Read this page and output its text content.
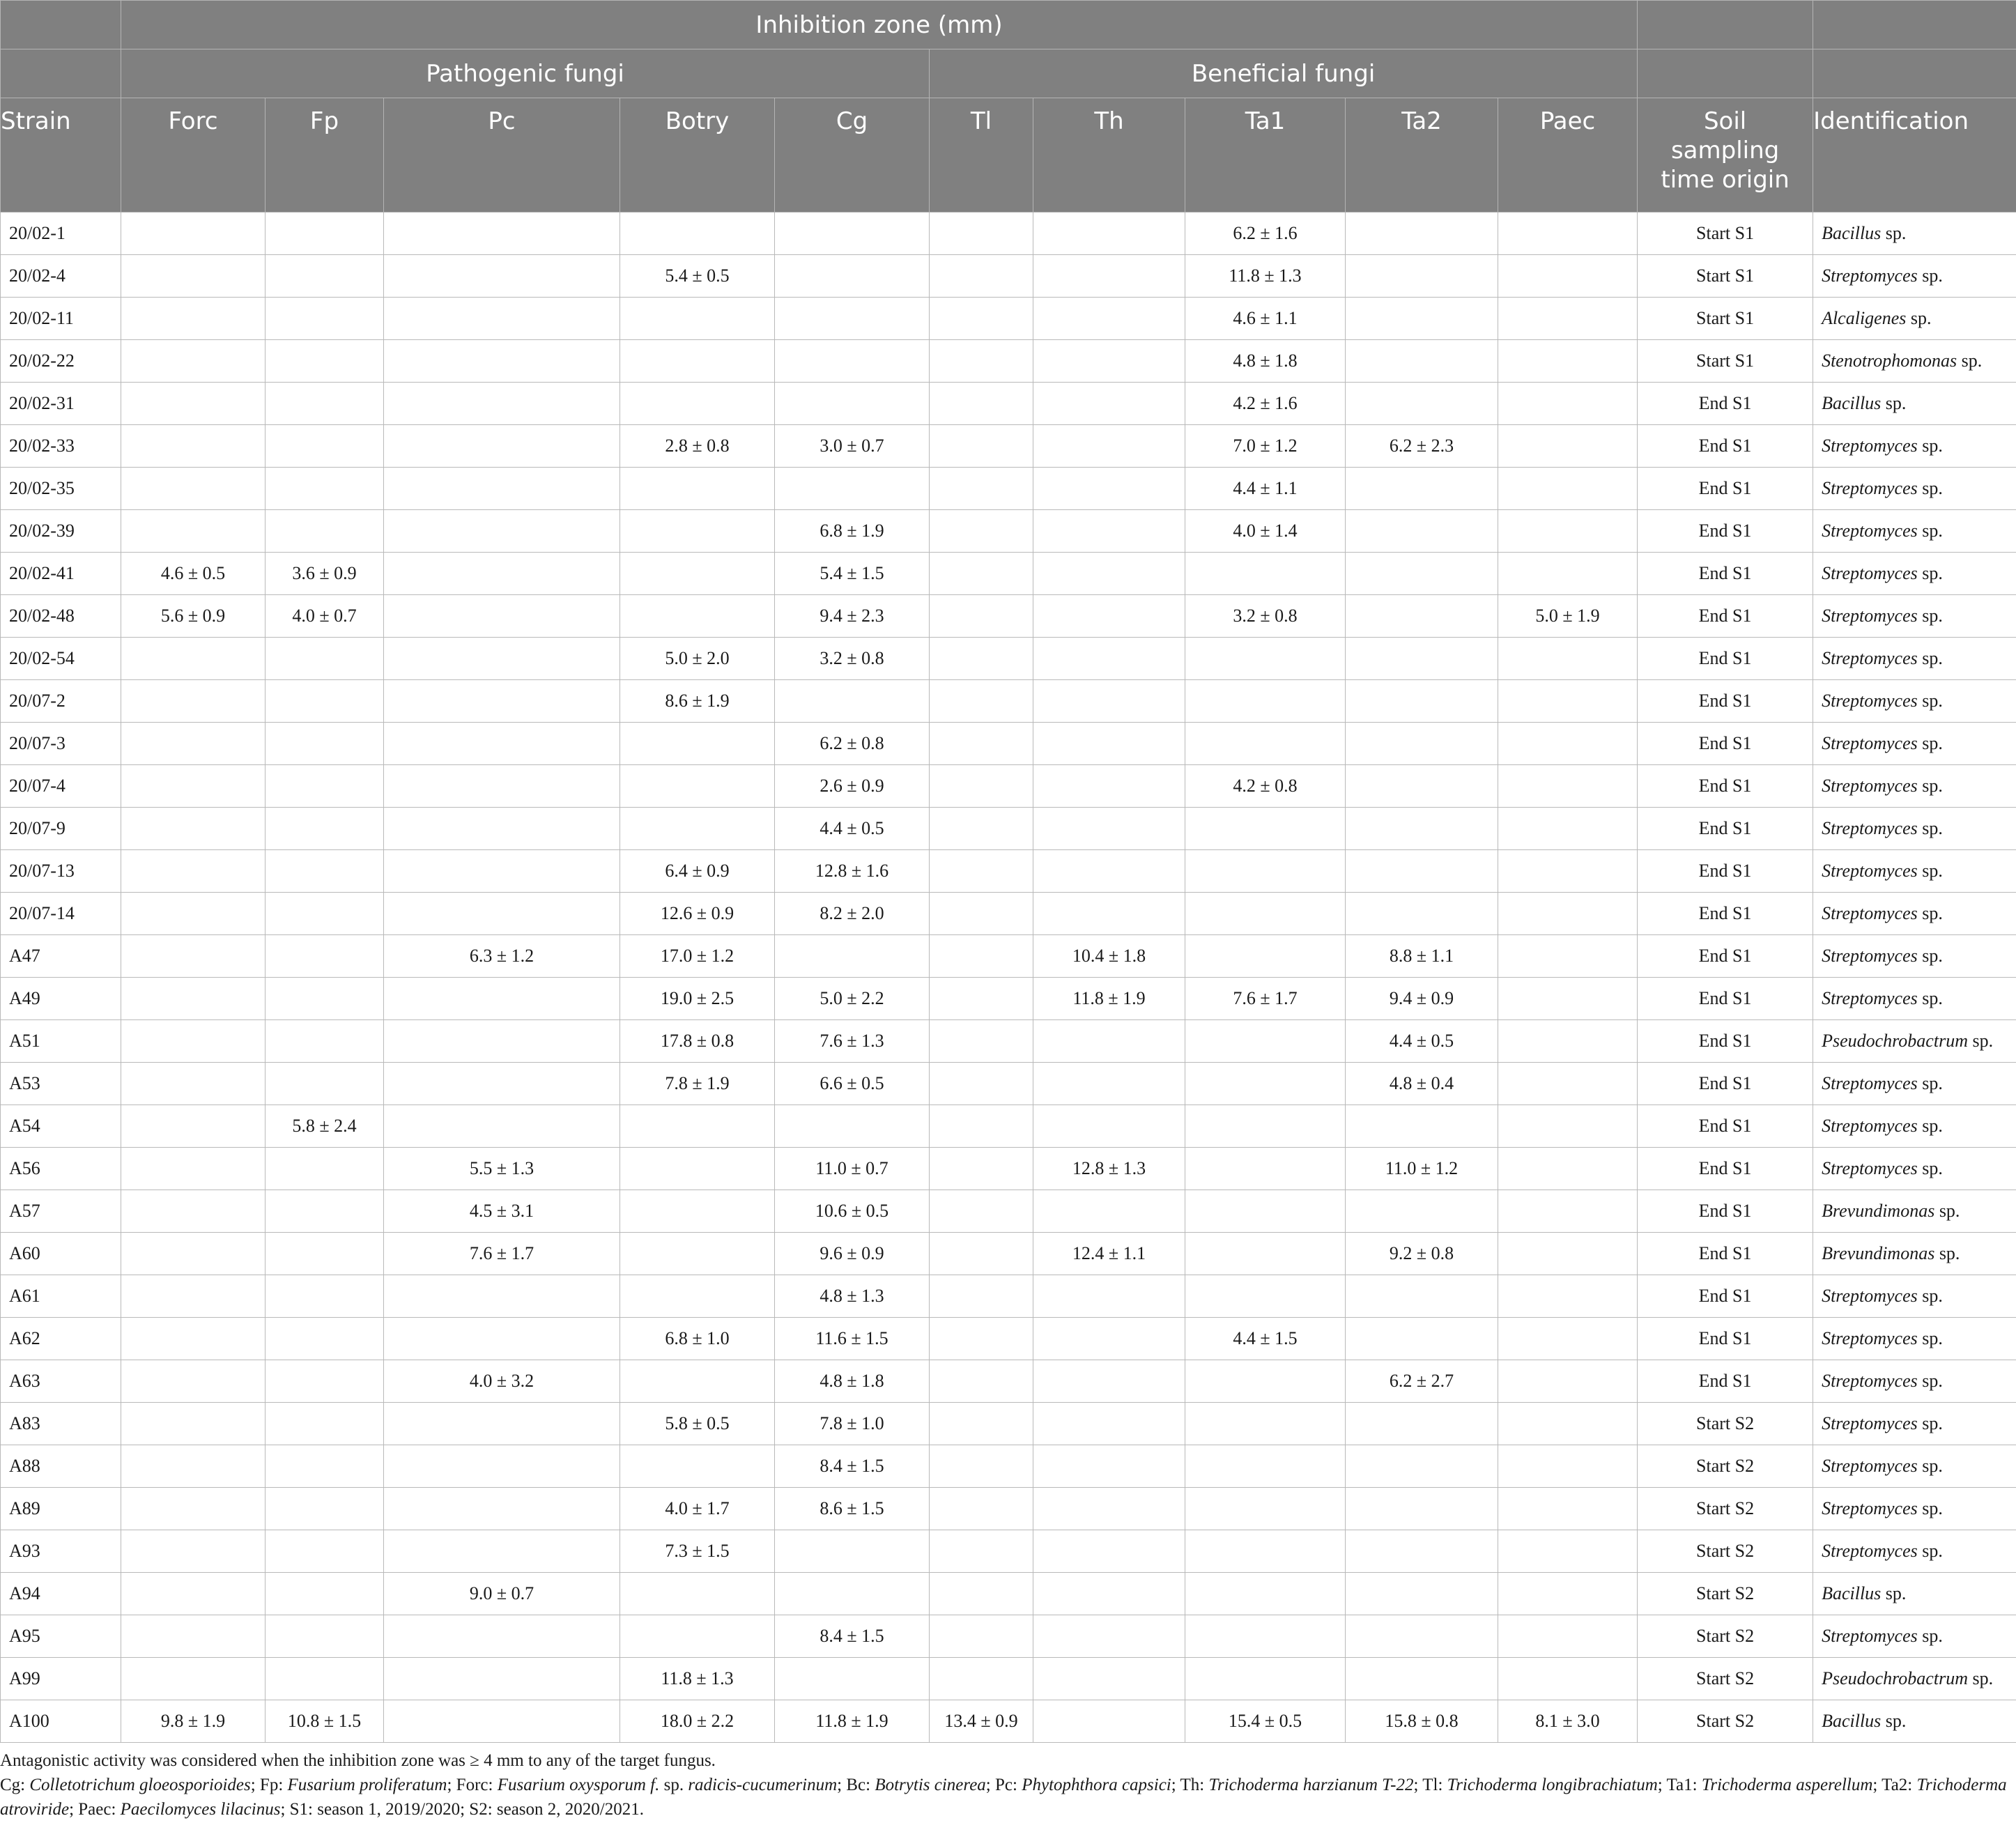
	Inhibition zone (mm)											
	Pathogenic fungi					Beneficial fungi						
Strain	Forc	Fp	Pc	Botry	Cg	Tl	Th	Ta1	Ta2	Paec	Soil sampling time origin	Identification
20/02-1								6.2 ± 1.6			Start S1	Bacillus sp.
20/02-4				5.4 ± 0.5				11.8 ± 1.3			Start S1	Streptomyces sp.
20/02-11								4.6 ± 1.1			Start S1	Alcaligenes sp.
20/02-22								4.8 ± 1.8			Start S1	Stenotrophomonas sp.
20/02-31								4.2 ± 1.6			End S1	Bacillus sp.
20/02-33				2.8 ± 0.8	3.0 ± 0.7			7.0 ± 1.2	6.2 ± 2.3		End S1	Streptomyces sp.
20/02-35								4.4 ± 1.1			End S1	Streptomyces sp.
20/02-39					6.8 ± 1.9			4.0 ± 1.4			End S1	Streptomyces sp.
20/02-41	4.6 ± 0.5	3.6 ± 0.9			5.4 ± 1.5						End S1	Streptomyces sp.
20/02-48	5.6 ± 0.9	4.0 ± 0.7			9.4 ± 2.3			3.2 ± 0.8		5.0 ± 1.9	End S1	Streptomyces sp.
20/02-54				5.0 ± 2.0	3.2 ± 0.8						End S1	Streptomyces sp.
20/07-2				8.6 ± 1.9							End S1	Streptomyces sp.
20/07-3					6.2 ± 0.8						End S1	Streptomyces sp.
20/07-4					2.6 ± 0.9			4.2 ± 0.8			End S1	Streptomyces sp.
20/07-9					4.4 ± 0.5						End S1	Streptomyces sp.
20/07-13				6.4 ± 0.9	12.8 ± 1.6						End S1	Streptomyces sp.
20/07-14				12.6 ± 0.9	8.2 ± 2.0						End S1	Streptomyces sp.
A47			6.3 ± 1.2	17.0 ± 1.2			10.4 ± 1.8		8.8 ± 1.1		End S1	Streptomyces sp.
A49				19.0 ± 2.5	5.0 ± 2.2		11.8 ± 1.9	7.6 ± 1.7	9.4 ± 0.9		End S1	Streptomyces sp.
A51				17.8 ± 0.8	7.6 ± 1.3				4.4 ± 0.5		End S1	Pseudochrobactrum sp.
A53				7.8 ± 1.9	6.6 ± 0.5				4.8 ± 0.4		End S1	Streptomyces sp.
A54		5.8 ± 2.4									End S1	Streptomyces sp.
A56			5.5 ± 1.3		11.0 ± 0.7		12.8 ± 1.3		11.0 ± 1.2		End S1	Streptomyces sp.
A57			4.5 ± 3.1		10.6 ± 0.5						End S1	Brevundimonas sp.
A60			7.6 ± 1.7		9.6 ± 0.9		12.4 ± 1.1		9.2 ± 0.8		End S1	Brevundimonas sp.
A61					4.8 ± 1.3						End S1	Streptomyces sp.
A62				6.8 ± 1.0	11.6 ± 1.5			4.4 ± 1.5			End S1	Streptomyces sp.
A63			4.0 ± 3.2		4.8 ± 1.8				6.2 ± 2.7		End S1	Streptomyces sp.
A83				5.8 ± 0.5	7.8 ± 1.0						Start S2	Streptomyces sp.
A88					8.4 ± 1.5						Start S2	Streptomyces sp.
A89				4.0 ± 1.7	8.6 ± 1.5						Start S2	Streptomyces sp.
A93				7.3 ± 1.5							Start S2	Streptomyces sp.
A94			9.0 ± 0.7								Start S2	Bacillus sp.
A95					8.4 ± 1.5						Start S2	Streptomyces sp.
A99				11.8 ± 1.3							Start S2	Pseudochrobactrum sp.
A100	9.8 ± 1.9	10.8 ± 1.5		18.0 ± 2.2	11.8 ± 1.9	13.4 ± 0.9		15.4 ± 0.5	15.8 ± 0.8	8.1 ± 3.0	Start S2	Bacillus sp.

Antagonistic activity was considered when the inhibition zone was ≥ 4 mm to any of the target fungus.

Cg: Colletotrichum gloeosporioides; Fp: Fusarium proliferatum; Forc: Fusarium oxysporum f. sp. radicis-cucumerinum; Bc: Botrytis cinerea; Pc: Phytophthora capsici; Th: Trichoderma harzianum T-22; Tl: Trichoderma longibrachiatum; Ta1: Trichoderma asperellum; Ta2: Trichoderma atroviride; Paec: Paecilomyces lilacinus; S1: season 1, 2019/2020; S2: season 2, 2020/2021.
